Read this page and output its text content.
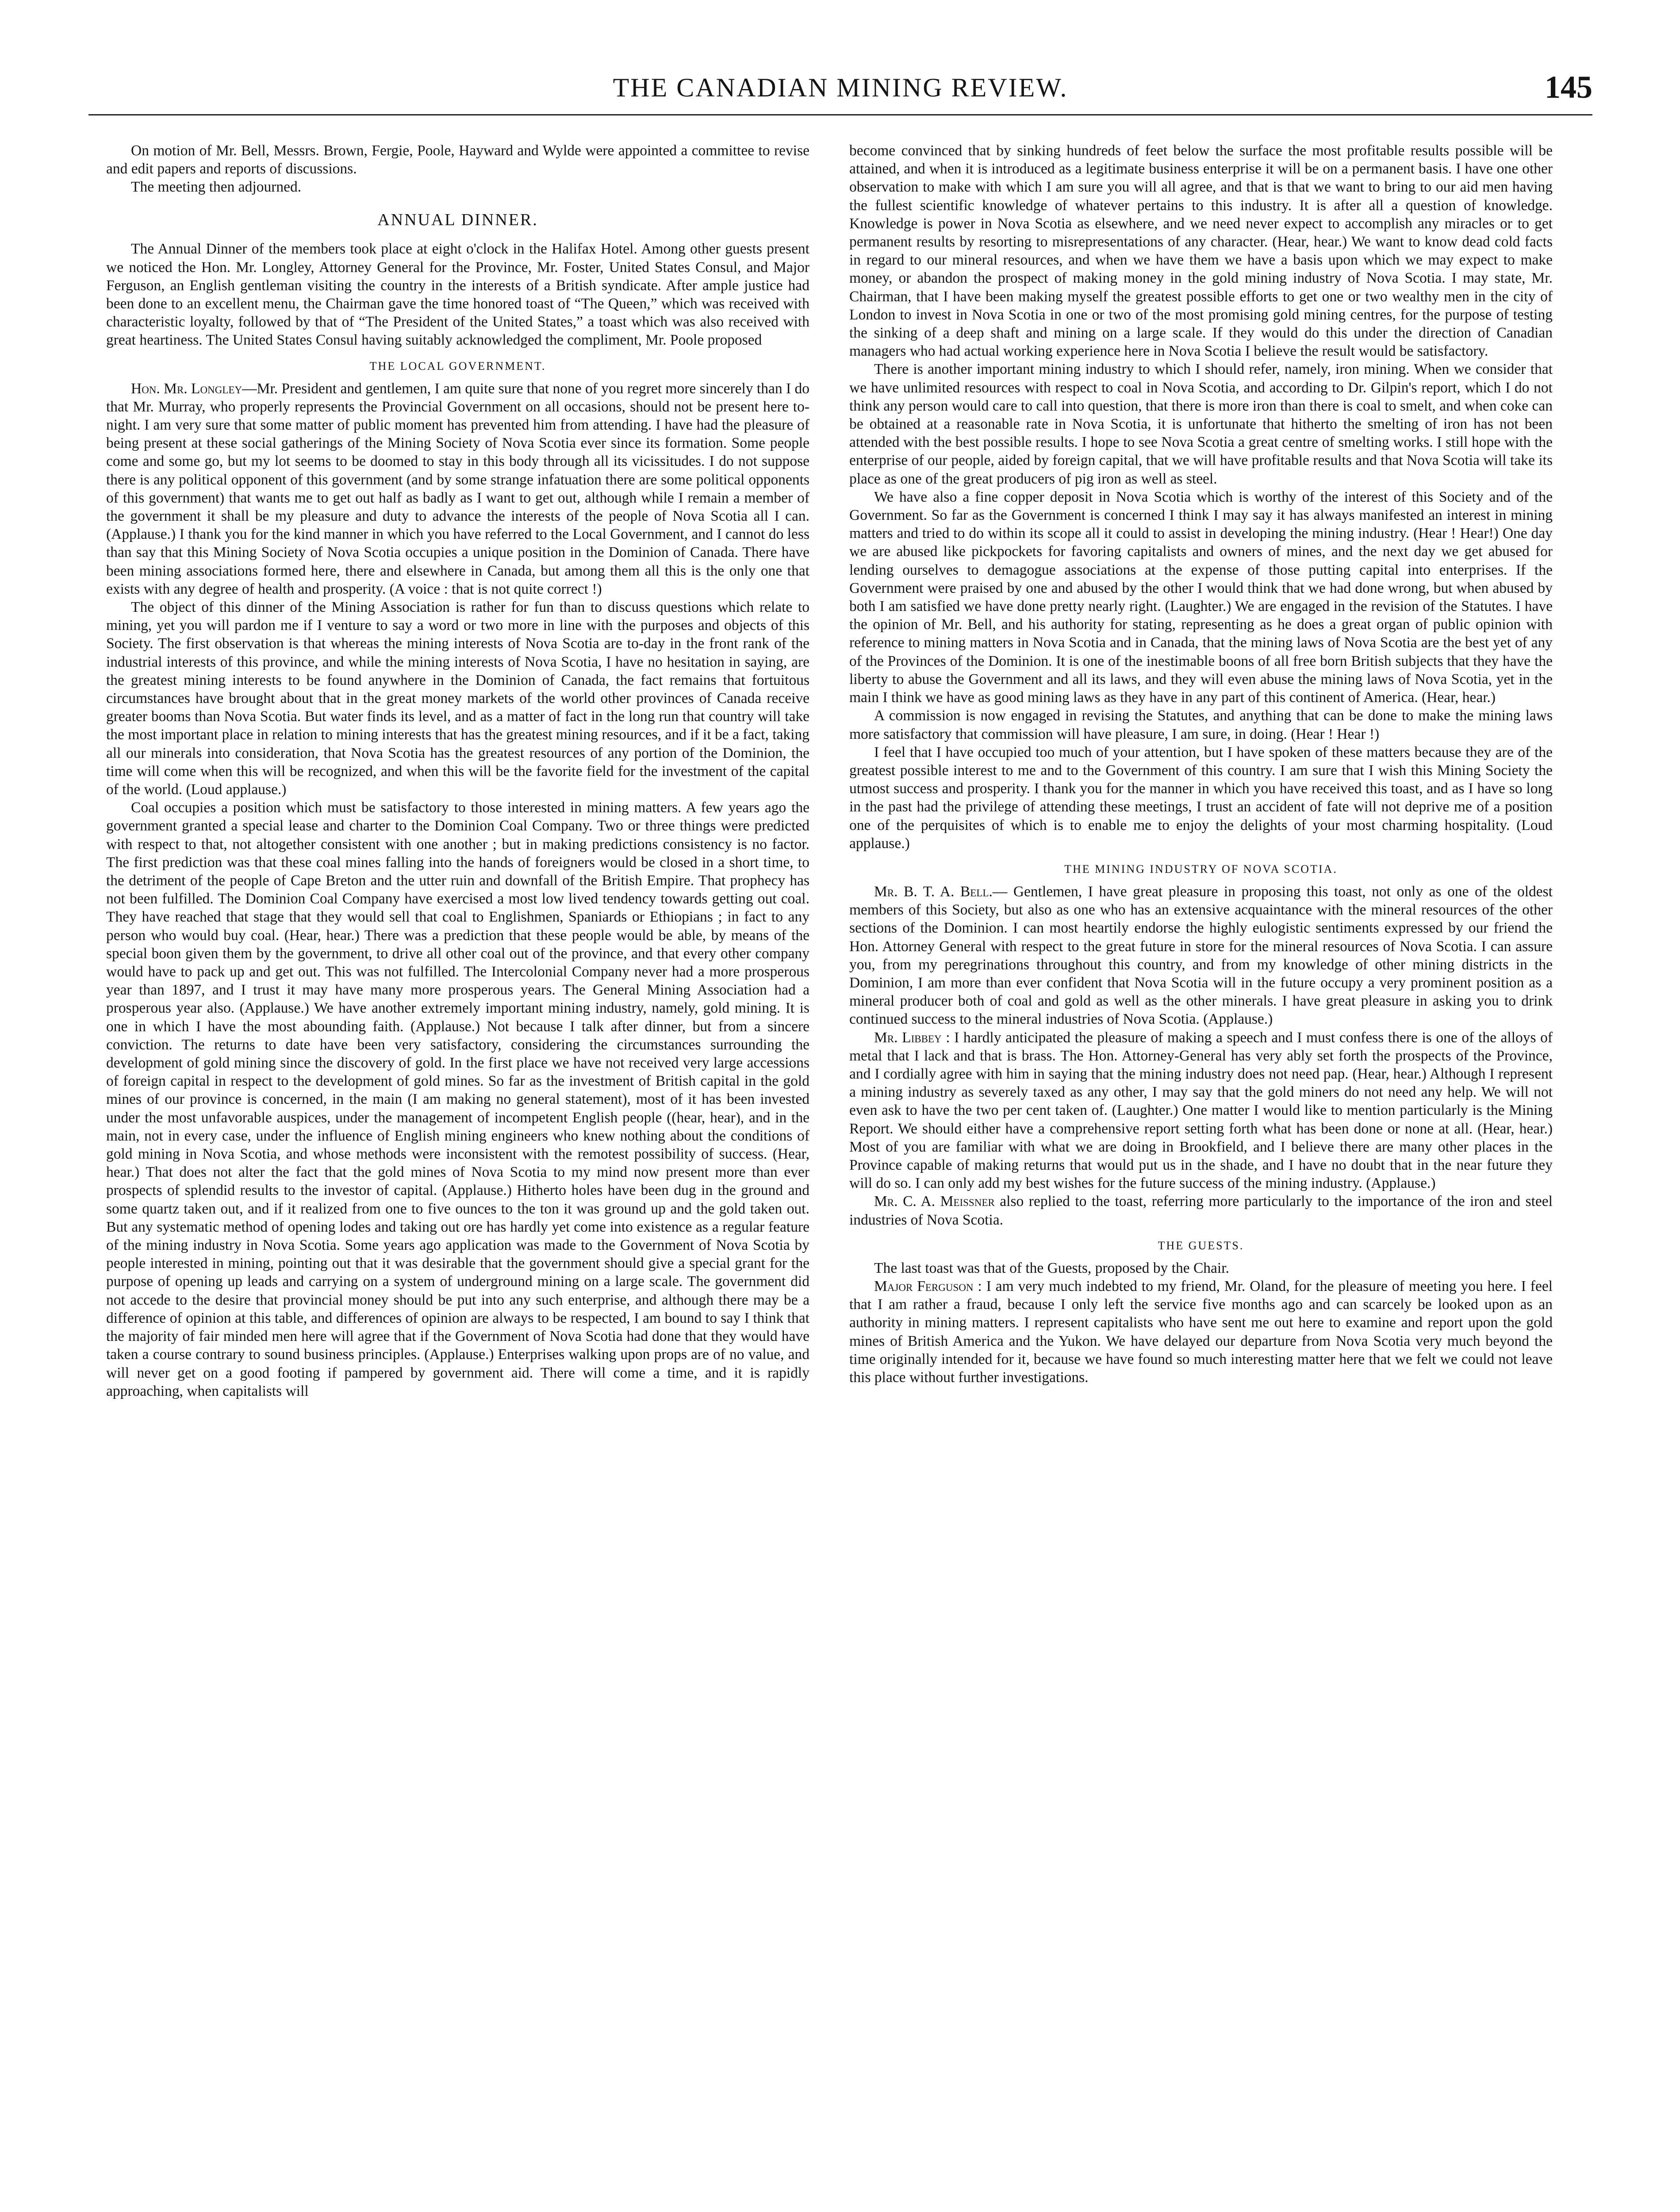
THE CANADIAN MINING REVIEW.	145

On motion of Mr. Bell, Messrs. Brown, Fergie, Poole, Hayward and Wylde were appointed a committee to revise and edit papers and reports of discussions.

The meeting then adjourned.

ANNUAL DINNER.

The Annual Dinner of the members took place at eight o'clock in the Halifax Hotel. Among other guests present we noticed the Hon. Mr. Longley, Attorney General for the Province, Mr. Foster, United States Consul, and Major Ferguson, an English gentleman visiting the country in the interests of a British syndicate. After ample justice had been done to an excellent menu, the Chairman gave the time honored toast of “The Queen,” which was received with characteristic loyalty, followed by that of “The President of the United States,” a toast which was also received with great heartiness. The United States Consul having suitably acknowledged the compliment, Mr. Poole proposed

THE LOCAL GOVERNMENT.

Hon. Mr. Longley—Mr. President and gentlemen, I am quite sure that none of you regret more sincerely than I do that Mr. Murray, who properly represents the Provincial Government on all occasions, should not be present here to-night. I am very sure that some matter of public moment has prevented him from attending. I have had the pleasure of being present at these social gatherings of the Mining Society of Nova Scotia ever since its formation. Some people come and some go, but my lot seems to be doomed to stay in this body through all its vicissitudes. I do not suppose there is any political opponent of this government (and by some strange infatuation there are some political opponents of this government) that wants me to get out half as badly as I want to get out, although while I remain a member of the government it shall be my pleasure and duty to advance the interests of the people of Nova Scotia all I can. (Applause.) I thank you for the kind manner in which you have referred to the Local Government, and I cannot do less than say that this Mining Society of Nova Scotia occupies a unique position in the Dominion of Canada. There have been mining associations formed here, there and elsewhere in Canada, but among them all this is the only one that exists with any degree of health and prosperity. (A voice : that is not quite correct !)

The object of this dinner of the Mining Association is rather for fun than to discuss questions which relate to mining, yet you will pardon me if I venture to say a word or two more in line with the purposes and objects of this Society. The first observation is that whereas the mining interests of Nova Scotia are to-day in the front rank of the industrial interests of this province, and while the mining interests of Nova Scotia, I have no hesitation in saying, are the greatest mining interests to be found anywhere in the Dominion of Canada, the fact remains that fortuitous circumstances have brought about that in the great money markets of the world other provinces of Canada receive greater booms than Nova Scotia. But water finds its level, and as a matter of fact in the long run that country will take the most important place in relation to mining interests that has the greatest mining resources, and if it be a fact, taking all our minerals into consideration, that Nova Scotia has the greatest resources of any portion of the Dominion, the time will come when this will be recognized, and when this will be the favorite field for the investment of the capital of the world. (Loud applause.)

Coal occupies a position which must be satisfactory to those interested in mining matters. A few years ago the government granted a special lease and charter to the Dominion Coal Company. Two or three things were predicted with respect to that, not altogether consistent with one another ; but in making predictions consistency is no factor. The first prediction was that these coal mines falling into the hands of foreigners would be closed in a short time, to the detriment of the people of Cape Breton and the utter ruin and downfall of the British Empire. That prophecy has not been fulfilled. The Dominion Coal Company have exercised a most low lived tendency towards getting out coal. They have reached that stage that they would sell that coal to Englishmen, Spaniards or Ethiopians ; in fact to any person who would buy coal. (Hear, hear.) There was a prediction that these people would be able, by means of the special boon given them by the government, to drive all other coal out of the province, and that every other company would have to pack up and get out. This was not fulfilled. The Intercolonial Company never had a more prosperous year than 1897, and I trust it may have many more prosperous years. The General Mining Association had a prosperous year also. (Applause.) We have another extremely important mining industry, namely, gold mining. It is one in which I have the most abounding faith. (Applause.) Not because I talk after dinner, but from a sincere conviction. The returns to date have been very satisfactory, considering the circumstances surrounding the development of gold mining since the discovery of gold. In the first place we have not received very large accessions of foreign capital in respect to the development of gold mines. So far as the investment of British capital in the gold mines of our province is concerned, in the main (I am making no general statement), most of it has been invested under the most unfavorable auspices, under the management of incompetent English people ((hear, hear), and in the main, not in every case, under the influence of English mining engineers who knew nothing about the conditions of gold mining in Nova Scotia, and whose methods were inconsistent with the remotest possibility of success. (Hear, hear.) That does not alter the fact that the gold mines of Nova Scotia to my mind now present more than ever prospects of splendid results to the investor of capital. (Applause.) Hitherto holes have been dug in the ground and some quartz taken out, and if it realized from one to five ounces to the ton it was ground up and the gold taken out. But any systematic method of opening lodes and taking out ore has hardly yet come into existence as a regular feature of the mining industry in Nova Scotia. Some years ago application was made to the Government of Nova Scotia by people interested in mining, pointing out that it was desirable that the government should give a special grant for the purpose of opening up leads and carrying on a system of underground mining on a large scale. The government did not accede to the desire that provincial money should be put into any such enterprise, and although there may be a difference of opinion at this table, and differences of opinion are always to be respected, I am bound to say I think that the majority of fair minded men here will agree that if the Government of Nova Scotia had done that they would have taken a course contrary to sound business principles. (Applause.) Enterprises walking upon props are of no value, and will never get on a good footing if pampered by government aid. There will come a time, and it is rapidly approaching, when capitalists will

become convinced that by sinking hundreds of feet below the surface the most profitable results possible will be attained, and when it is introduced as a legitimate business enterprise it will be on a permanent basis. I have one other observation to make with which I am sure you will all agree, and that is that we want to bring to our aid men having the fullest scientific knowledge of whatever pertains to this industry. It is after all a question of knowledge. Knowledge is power in Nova Scotia as elsewhere, and we need never expect to accomplish any miracles or to get permanent results by resorting to misrepresentations of any character. (Hear, hear.) We want to know dead cold facts in regard to our mineral resources, and when we have them we have a basis upon which we may expect to make money, or abandon the prospect of making money in the gold mining industry of Nova Scotia. I may state, Mr. Chairman, that I have been making myself the greatest possible efforts to get one or two wealthy men in the city of London to invest in Nova Scotia in one or two of the most promising gold mining centres, for the purpose of testing the sinking of a deep shaft and mining on a large scale. If they would do this under the direction of Canadian managers who had actual working experience here in Nova Scotia I believe the result would be satisfactory.

There is another important mining industry to which I should refer, namely, iron mining. When we consider that we have unlimited resources with respect to coal in Nova Scotia, and according to Dr. Gilpin's report, which I do not think any person would care to call into question, that there is more iron than there is coal to smelt, and when coke can be obtained at a reasonable rate in Nova Scotia, it is unfortunate that hitherto the smelting of iron has not been attended with the best possible results. I hope to see Nova Scotia a great centre of smelting works. I still hope with the enterprise of our people, aided by foreign capital, that we will have profitable results and that Nova Scotia will take its place as one of the great producers of pig iron as well as steel.

We have also a fine copper deposit in Nova Scotia which is worthy of the interest of this Society and of the Government. So far as the Government is concerned I think I may say it has always manifested an interest in mining matters and tried to do within its scope all it could to assist in developing the mining industry. (Hear ! Hear!) One day we are abused like pickpockets for favoring capitalists and owners of mines, and the next day we get abused for lending ourselves to demagogue associations at the expense of those putting capital into enterprises. If the Government were praised by one and abused by the other I would think that we had done wrong, but when abused by both I am satisfied we have done pretty nearly right. (Laughter.) We are engaged in the revision of the Statutes. I have the opinion of Mr. Bell, and his authority for stating, representing as he does a great organ of public opinion with reference to mining matters in Nova Scotia and in Canada, that the mining laws of Nova Scotia are the best yet of any of the Provinces of the Dominion. It is one of the inestimable boons of all free born British subjects that they have the liberty to abuse the Government and all its laws, and they will even abuse the mining laws of Nova Scotia, yet in the main I think we have as good mining laws as they have in any part of this continent of America. (Hear, hear.)

A commission is now engaged in revising the Statutes, and anything that can be done to make the mining laws more satisfactory that commission will have pleasure, I am sure, in doing. (Hear ! Hear !)

I feel that I have occupied too much of your attention, but I have spoken of these matters because they are of the greatest possible interest to me and to the Government of this country. I am sure that I wish this Mining Society the utmost success and prosperity. I thank you for the manner in which you have received this toast, and as I have so long in the past had the privilege of attending these meetings, I trust an accident of fate will not deprive me of a position one of the perquisites of which is to enable me to enjoy the delights of your most charming hospitality. (Loud applause.)

THE MINING INDUSTRY OF NOVA SCOTIA.

Mr. B. T. A. Bell.— Gentlemen, I have great pleasure in proposing this toast, not only as one of the oldest members of this Society, but also as one who has an extensive acquaintance with the mineral resources of the other sections of the Dominion. I can most heartily endorse the highly eulogistic sentiments expressed by our friend the Hon. Attorney General with respect to the great future in store for the mineral resources of Nova Scotia. I can assure you, from my peregrinations throughout this country, and from my knowledge of other mining districts in the Dominion, I am more than ever confident that Nova Scotia will in the future occupy a very prominent position as a mineral producer both of coal and gold as well as the other minerals. I have great pleasure in asking you to drink continued success to the mineral industries of Nova Scotia. (Applause.)

Mr. Libbey : I hardly anticipated the pleasure of making a speech and I must confess there is one of the alloys of metal that I lack and that is brass. The Hon. Attorney-General has very ably set forth the prospects of the Province, and I cordially agree with him in saying that the mining industry does not need pap. (Hear, hear.) Although I represent a mining industry as severely taxed as any other, I may say that the gold miners do not need any help. We will not even ask to have the two per cent taken of. (Laughter.) One matter I would like to mention particularly is the Mining Report. We should either have a comprehensive report setting forth what has been done or none at all. (Hear, hear.) Most of you are familiar with what we are doing in Brookfield, and I believe there are many other places in the Province capable of making returns that would put us in the shade, and I have no doubt that in the near future they will do so. I can only add my best wishes for the future success of the mining industry. (Applause.)

Mr. C. A. Meissner also replied to the toast, referring more particularly to the importance of the iron and steel industries of Nova Scotia.

THE GUESTS.

The last toast was that of the Guests, proposed by the Chair.

Major Ferguson : I am very much indebted to my friend, Mr. Oland, for the pleasure of meeting you here. I feel that I am rather a fraud, because I only left the service five months ago and can scarcely be looked upon as an authority in mining matters. I represent capitalists who have sent me out here to examine and report upon the gold mines of British America and the Yukon. We have delayed our departure from Nova Scotia very much beyond the time originally intended for it, because we have found so much interesting matter here that we felt we could not leave this place without further investigations.
